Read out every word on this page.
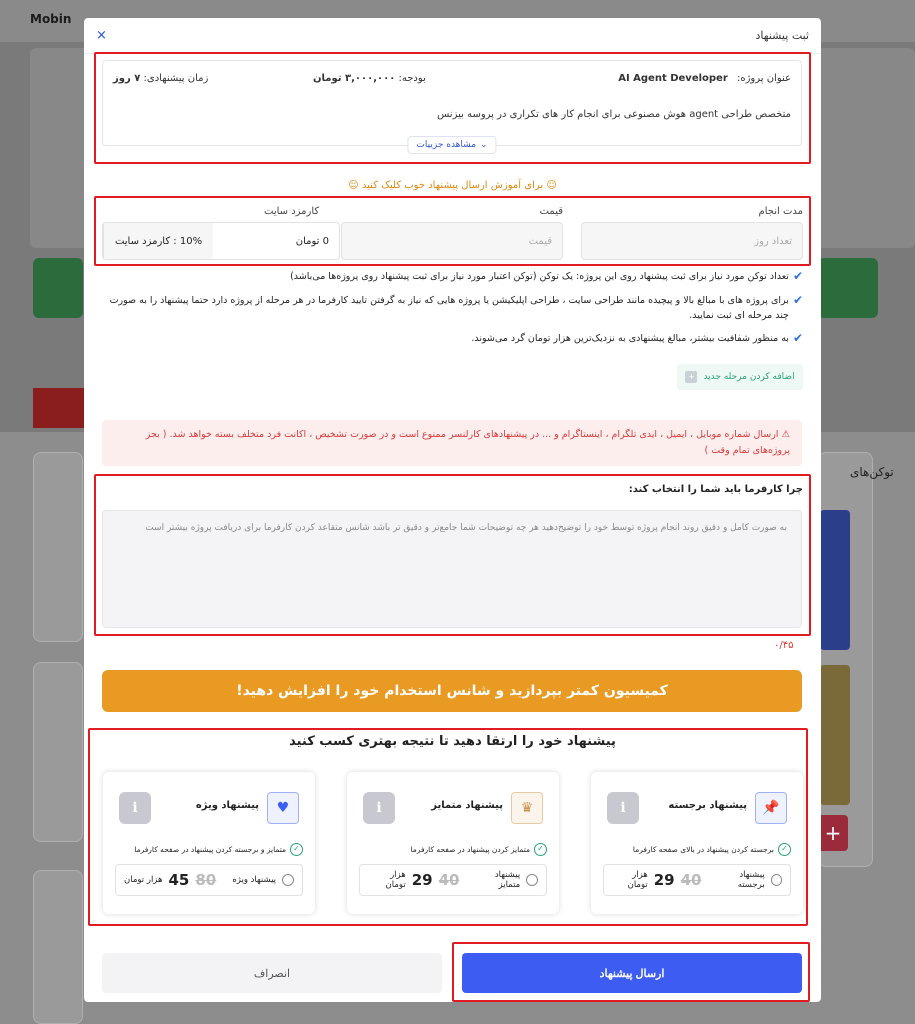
Mobin
توکن‌های
+
ثبت پیشنهاد
×
عنوان پروژه: AI Agent Developer
بودجه: ۳,۰۰۰,۰۰۰ تومان
زمان پیشنهادی: ۷ روز
متخصص طراحی agent هوش مصنوعی برای انجام کار های تکراری در پروسه بیزنس
⌄مشاهده جزییات
☺ برای آموزش ارسال پیشنهاد خوب کلیک کنید ☺
مدت انجام
قیمت
کارمزد سایت
تعداد روز
قیمت
0 تومان
10% : کارمزد سایت
✔
تعداد توکن مورد نیاز برای ثبت پیشنهاد روی این پروژه: یک توکن (توکن اعتبار مورد نیاز برای ثبت پیشنهاد روی پروژه‌ها می‌باشد)
✔
برای پروژه های با مبالغ بالا و پیچیده مانند طراحی سایت ، طراحی اپلیکیشن یا پروژه هایی که نیاز به گرفتن تایید کارفرما در هر مرحله از پروژه دارد حتما پیشنهاد را به صورت چند مرحله ای ثبت نمایید.
✔
به منظور شفافیت بیشتر، مبالغ پیشنهادی به نزدیک‌ترین هزار تومان گرد می‌شوند.
اضافه کردن مرحله جدید
+
⚠ ارسال شماره موبایل ، ایمیل ، ایدی تلگرام ، اینستاگرام و ... در پیشنهادهای کارلنسر ممنوع است و در صورت تشخیص ، اکانت فرد متخلف بسته خواهد شد. ( بجز پروژه‌های تمام وقت )
چرا کارفرما باید شما را انتخاب کند:
به صورت کامل و دقیق روند انجام پروژه توسط خود را توضیح‌دهید هر چه توضیحات شما جامع‌تر و دقیق تر باشد شانس متقاعد کردن کارفرما برای دریافت پروژه بیشتر است
۰/۴۵
کمیسیون کمتر بپردازید و شانس استخدام خود را افزایش دهید!
پیشنهاد خود را ارتقا دهید تا نتیجه بهتری کسب کنید
📌
پیشنهاد برجسته
i
✓
برجسته کردن پیشنهاد در بالای صفحه کارفرما
پیشنهاد برجسته
40
29
هزار تومان
♛
پیشنهاد متمایز
i
✓
متمایز کردن پیشنهاد در صفحه کارفرما
پیشنهاد متمایز
40
29
هزار تومان
♥
پیشنهاد ویژه
i
✓
متمایز و برجسته کردن پیشنهاد در صفحه کارفرما
پیشنهاد ویژه
80
45
هزار تومان
ارسال پیشنهاد
انصراف
